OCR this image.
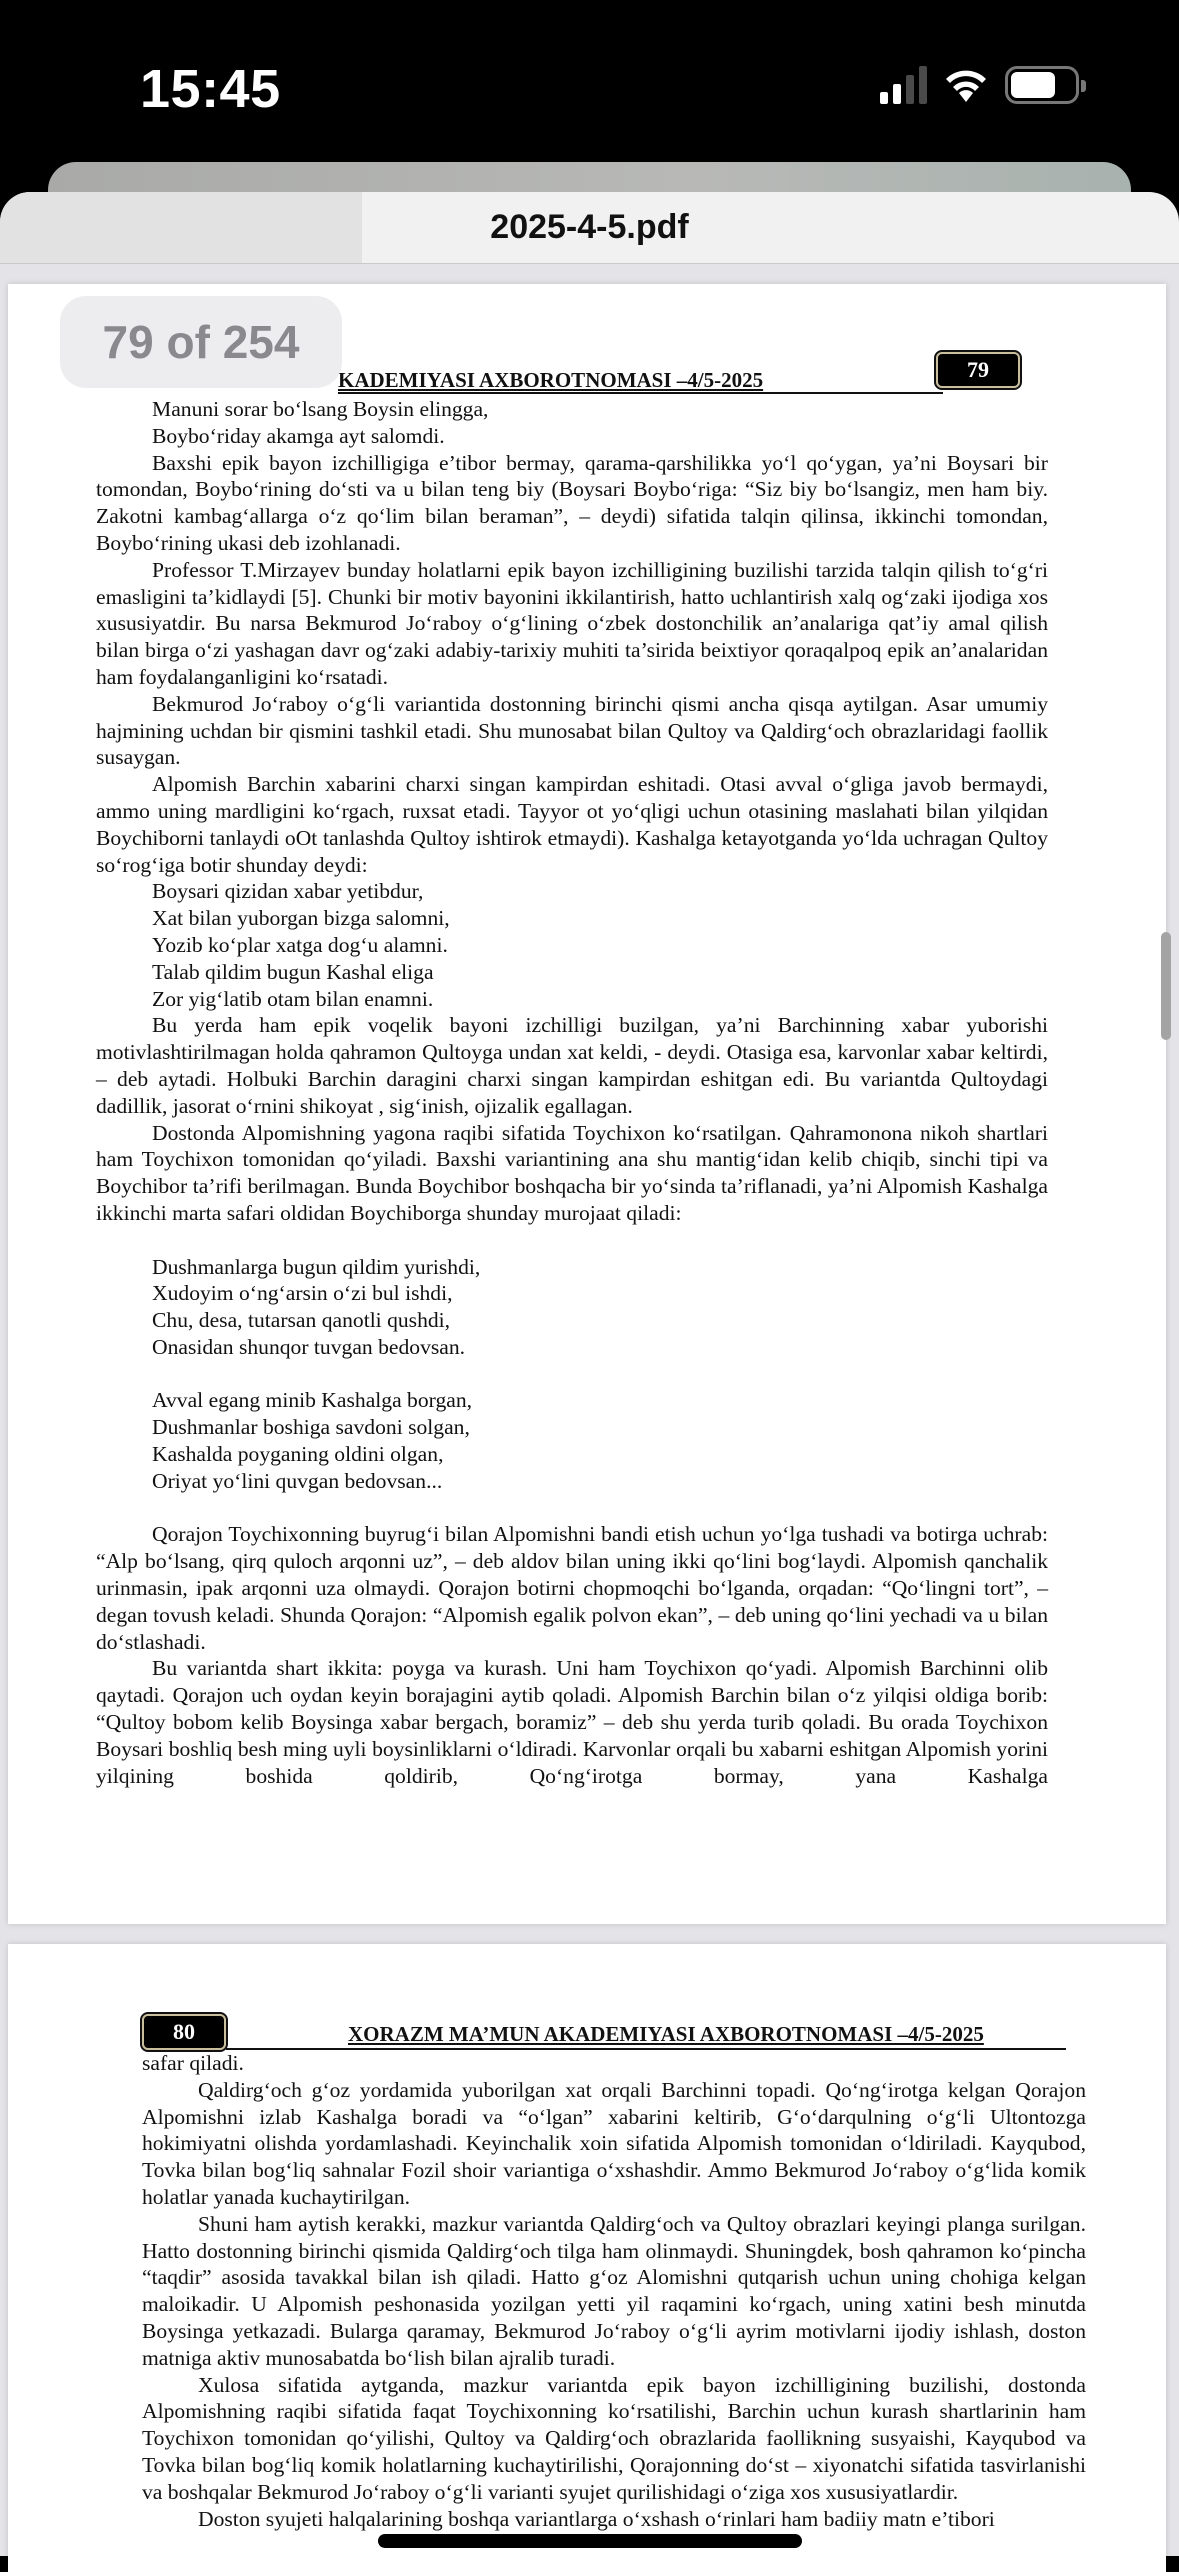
15:45
2025-4-5.pdf
KADEMIYASI AXBOROTNOMASI –4/5-2025	79

Manuni sorar bo‘lsang Boysin elingga,

Boybo‘riday akamga ayt salomdi.

Baxshi epik bayon izchilligiga e’tibor bermay, qarama-qarshilikka yo‘l qo‘ygan, ya’ni Boysari bir tomondan, Boybo‘rining do‘sti va u bilan teng biy (Boysari Boybo‘riga: “Siz biy bo‘lsangiz, men ham biy. Zakotni kambag‘allarga o‘z qo‘lim bilan beraman”, – deydi) sifatida talqin qilinsa, ikkinchi tomondan, Boybo‘rining ukasi deb izohlanadi.

Professor T.Mirzayev bunday holatlarni epik bayon izchilligining buzilishi tarzida talqin qilish to‘g‘ri emasligini ta’kidlaydi [5]. Chunki bir motiv bayonini ikkilantirish, hatto uchlantirish xalq og‘zaki ijodiga xos xususiyatdir. Bu narsa Bekmurod Jo‘raboy o‘g‘lining o‘zbek dostonchilik an’analariga qat’iy amal qilish bilan birga o‘zi yashagan davr og‘zaki adabiy-tarixiy muhiti ta’sirida beixtiyor qoraqalpoq epik an’analaridan ham foydalanganligini ko‘rsatadi.

Bekmurod Jo‘raboy o‘g‘li variantida dostonning birinchi qismi ancha qisqa aytilgan. Asar umumiy hajmining uchdan bir qismini tashkil etadi. Shu munosabat bilan Qultoy va Qaldirg‘och obrazlaridagi faollik susaygan.

Alpomish Barchin xabarini charxi singan kampirdan eshitadi. Otasi avval o‘gliga javob bermaydi, ammo uning mardligini ko‘rgach, ruxsat etadi. Tayyor ot yo‘qligi uchun otasining maslahati bilan yilqidan Boychiborni tanlaydi oOt tanlashda Qultoy ishtirok etmaydi). Kashalga ketayotganda yo‘lda uchragan Qultoy so‘rog‘iga botir shunday deydi:

Boysari qizidan xabar yetibdur,

Xat bilan yuborgan bizga salomni,

Yozib ko‘plar xatga dog‘u alamni.

Talab qildim bugun Kashal eliga

Zor yig‘latib otam bilan enamni.

Bu yerda ham epik voqelik bayoni izchilligi buzilgan, ya’ni Barchinning xabar yuborishi motivlashtirilmagan holda qahramon Qultoyga undan xat keldi, - deydi. Otasiga esa, karvonlar xabar keltirdi, – deb aytadi. Holbuki Barchin daragini charxi singan kampirdan eshitgan edi. Bu variantda Qultoydagi dadillik, jasorat o‘rnini shikoyat , sig‘inish, ojizalik egallagan.

Dostonda Alpomishning yagona raqibi sifatida Toychixon ko‘rsatilgan. Qahramonona nikoh shartlari ham Toychixon tomonidan qo‘yiladi. Baxshi variantining ana shu mantig‘idan kelib chiqib, sinchi tipi va Boychibor ta’rifi berilmagan. Bunda Boychibor boshqacha bir yo‘sinda ta’riflanadi, ya’ni Alpomish Kashalga ikkinchi marta safari oldidan Boychiborga shunday murojaat qiladi:

Dushmanlarga bugun qildim yurishdi,

Xudoyim o‘ng‘arsin o‘zi bul ishdi,

Chu, desa, tutarsan qanotli qushdi,

Onasidan shunqor tuvgan bedovsan.

Avval egang minib Kashalga borgan,

Dushmanlar boshiga savdoni solgan,

Kashalda poyganing oldini olgan,

Oriyat yo‘lini quvgan bedovsan...

Qorajon Toychixonning buyrug‘i bilan Alpomishni bandi etish uchun yo‘lga tushadi va botirga uchrab: “Alp bo‘lsang, qirq quloch arqonni uz”, – deb aldov bilan uning ikki qo‘lini bog‘laydi. Alpomish qanchalik urinmasin, ipak arqonni uza olmaydi. Qorajon botirni chopmoqchi bo‘lganda, orqadan: “Qo‘lingni tort”, – degan tovush keladi. Shunda Qorajon: “Alpomish egalik polvon ekan”, – deb uning qo‘lini yechadi va u bilan do‘stlashadi.

Bu variantda shart ikkita: poyga va kurash. Uni ham Toychixon qo‘yadi. Alpomish Barchinni olib qaytadi. Qorajon uch oydan keyin borajagini aytib qoladi. Alpomish Barchin bilan o‘z yilqisi oldiga borib: “Qultoy bobom kelib Boysinga xabar bergach, boramiz” – deb shu yerda turib qoladi. Bu orada Toychixon Boysari boshliq besh ming uyli boysinliklarni o‘ldiradi. Karvonlar orqali bu xabarni eshitgan Alpomish yorini yilqining boshida qoldirib, Qo‘ng‘irotga bormay, yana Kashalga

80	XORAZM MA’MUN AKADEMIYASI AXBOROTNOMASI –4/5-2025

safar qiladi.

Qaldirg‘och g‘oz yordamida yuborilgan xat orqali Barchinni topadi. Qo‘ng‘irotga kelgan Qorajon Alpomishni izlab Kashalga boradi va “o‘lgan” xabarini keltirib, G‘o‘darqulning o‘g‘li Ultontozga hokimiyatni olishda yordamlashadi. Keyinchalik xoin sifatida Alpomish tomonidan o‘ldiriladi. Kayqubod, Tovka bilan bog‘liq sahnalar Fozil shoir variantiga o‘xshashdir. Ammo Bekmurod Jo‘raboy o‘g‘lida komik holatlar yanada kuchaytirilgan.

Shuni ham aytish kerakki, mazkur variantda Qaldirg‘och va Qultoy obrazlari keyingi planga surilgan. Hatto dostonning birinchi qismida Qaldirg‘och tilga ham olinmaydi. Shuningdek, bosh qahramon ko‘pincha “taqdir” asosida tavakkal bilan ish qiladi. Hatto g‘oz Alomishni qutqarish uchun uning chohiga kelgan maloikadir. U Alpomish peshonasida yozilgan yetti yil raqamini ko‘rgach, uning xatini besh minutda Boysinga yetkazadi. Bularga qaramay, Bekmurod Jo‘raboy o‘g‘li ayrim motivlarni ijodiy ishlash, doston matniga aktiv munosabatda bo‘lish bilan ajralib turadi.

Xulosa sifatida aytganda, mazkur variantda epik bayon izchilligining buzilishi, dostonda Alpomishning raqibi sifatida faqat Toychixonning ko‘rsatilishi, Barchin uchun kurash shartlarinin ham Toychixon tomonidan qo‘yilishi, Qultoy va Qaldirg‘och obrazlarida faollikning susyaishi, Kayqubod va Tovka bilan bog‘liq komik holatlarning kuchaytirilishi, Qorajonning do‘st – xiyonatchi sifatida tasvirlanishi va boshqalar Bekmurod Jo‘raboy o‘g‘li varianti syujet qurilishidagi o‘ziga xos xususiyatlardir.

Doston syujeti halqalarining boshqa variantlarga o‘xshash o‘rinlari ham badiiy matn e’tibori

79 of 254
